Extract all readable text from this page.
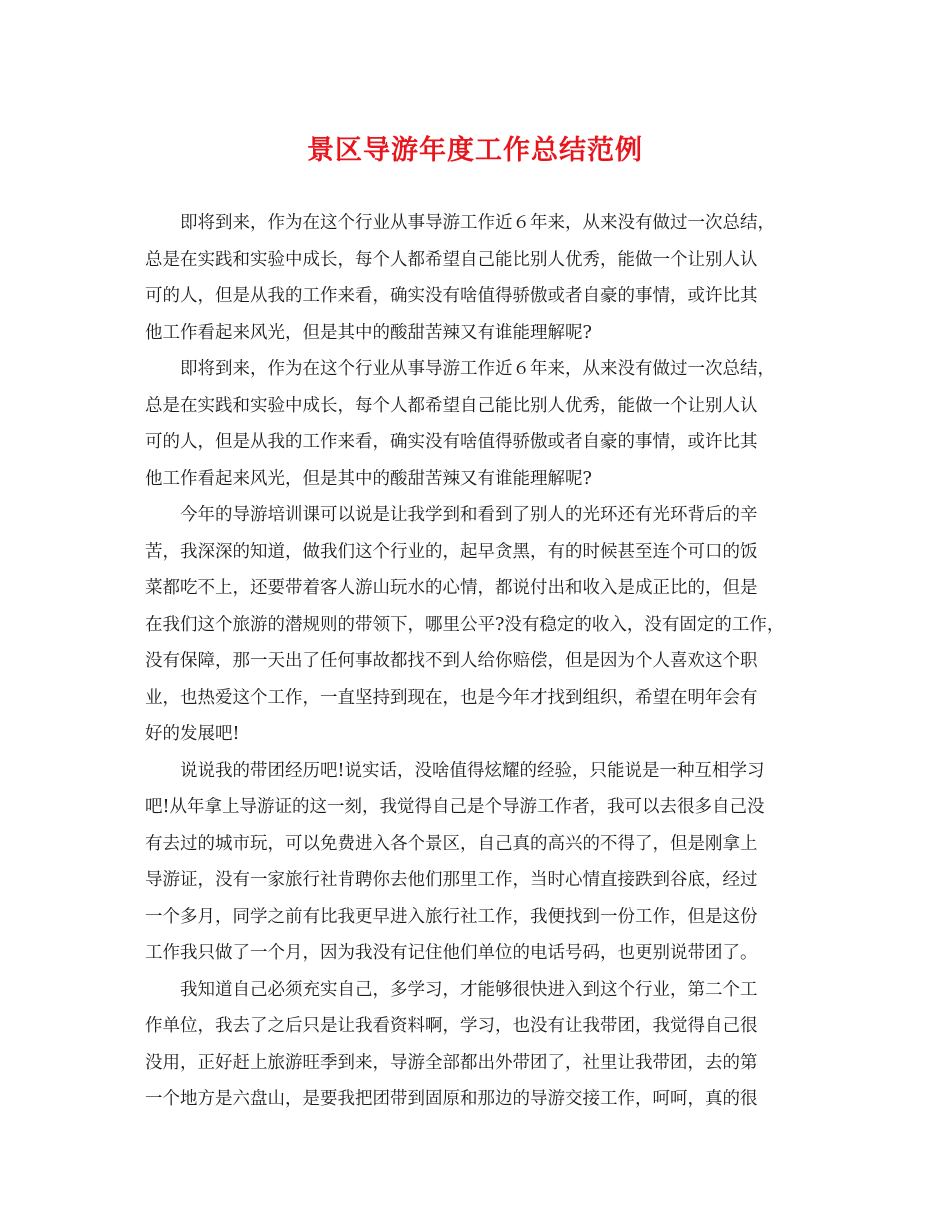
景区导游年度工作总结范例
即将到来，作为在这个行业从事导游工作近６年来，从来没有做过一次总结，
总是在实践和实验中成长，每个人都希望自己能比别人优秀，能做一个让别人认
可的人，但是从我的工作来看，确实没有啥值得骄傲或者自豪的事情，或许比其
他工作看起来风光，但是其中的酸甜苦辣又有谁能理解呢?
即将到来，作为在这个行业从事导游工作近６年来，从来没有做过一次总结，
总是在实践和实验中成长，每个人都希望自己能比别人优秀，能做一个让别人认
可的人，但是从我的工作来看，确实没有啥值得骄傲或者自豪的事情，或许比其
他工作看起来风光，但是其中的酸甜苦辣又有谁能理解呢?
今年的导游培训课可以说是让我学到和看到了别人的光环还有光环背后的辛
苦，我深深的知道，做我们这个行业的，起早贪黑，有的时候甚至连个可口的饭
菜都吃不上，还要带着客人游山玩水的心情，都说付出和收入是成正比的，但是
在我们这个旅游的潜规则的带领下，哪里公平?没有稳定的收入，没有固定的工作，
没有保障，那一天出了任何事故都找不到人给你赔偿，但是因为个人喜欢这个职
业，也热爱这个工作，一直坚持到现在，也是今年才找到组织，希望在明年会有
好的发展吧!
说说我的带团经历吧!说实话，没啥值得炫耀的经验，只能说是一种互相学习
吧!从年拿上导游证的这一刻，我觉得自己是个导游工作者，我可以去很多自己没
有去过的城市玩，可以免费进入各个景区，自己真的高兴的不得了，但是刚拿上
导游证，没有一家旅行社肯聘你去他们那里工作，当时心情直接跌到谷底，经过
一个多月，同学之前有比我更早进入旅行社工作，我便找到一份工作，但是这份
工作我只做了一个月，因为我没有记住他们单位的电话号码，也更别说带团了。
我知道自己必须充实自己，多学习，才能够很快进入到这个行业，第二个工
作单位，我去了之后只是让我看资料啊，学习，也没有让我带团，我觉得自己很
没用，正好赶上旅游旺季到来，导游全部都出外带团了，社里让我带团，去的第
一个地方是六盘山，是要我把团带到固原和那边的导游交接工作，呵呵，真的很
